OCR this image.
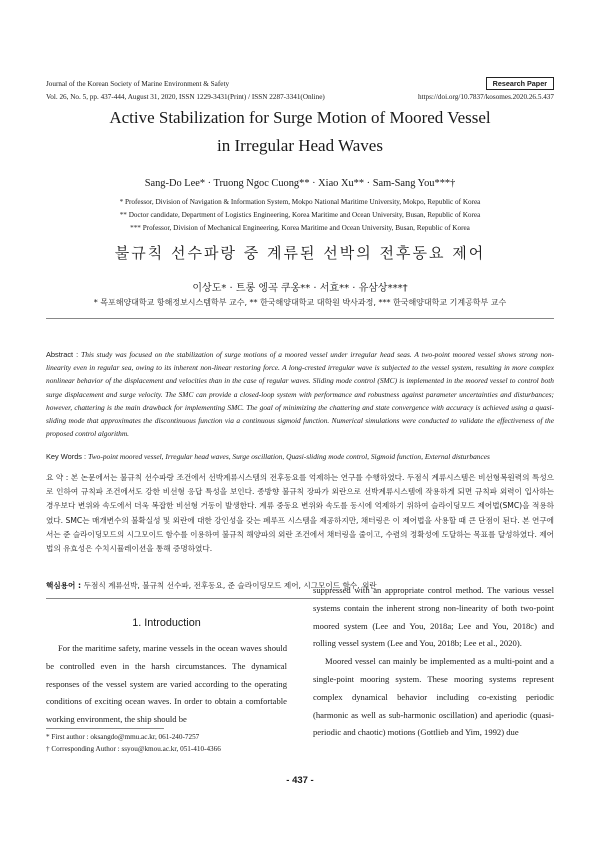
Journal of the Korean Society of Marine Environment & Safety	Research Paper
Vol. 26, No. 5, pp. 437-444, August 31, 2020, ISSN 1229-3431(Print) / ISSN 2287-3341(Online)	https://doi.org/10.7837/kosomes.2020.26.5.437
Active Stabilization for Surge Motion of Moored Vessel
in Irregular Head Waves
Sang-Do Lee* · Truong Ngoc Cuong** · Xiao Xu** · Sam-Sang You***†
* Professor, Division of Navigation & Information System, Mokpo National Maritime University, Mokpo, Republic of Korea
** Doctor candidate, Department of Logistics Engineering, Korea Maritime and Ocean University, Busan, Republic of Korea
*** Professor, Division of Mechanical Engineering, Korea Maritime and Ocean University, Busan, Republic of Korea
불규칙 선수파랑 중 계류된 선박의 전후동요 제어
이상도* · 트롱 엥곡 쿠옹** · 서효** · 유삼상***†
* 목포해양대학교 항해정보시스템학부 교수, ** 한국해양대학교 대학원 박사과정, *** 한국해양대학교 기계공학부 교수
Abstract : This study was focused on the stabilization of surge motions of a moored vessel under irregular head seas. A two-point moored vessel shows strong non-linearity even in regular sea, owing to its inherent non-linear restoring force. A long-crested irregular wave is subjected to the vessel system, resulting in more complex nonlinear behavior of the displacement and velocities than in the case of regular waves. Sliding mode control (SMC) is implemented in the moored vessel to control both surge displacement and surge velocity. The SMC can provide a closed-loop system with performance and robustness against parameter uncertainties and disturbances; however, chattering is the main drawback for implementing SMC. The goal of minimizing the chattering and state convergence with accuracy is achieved using a quasi-sliding mode that approximates the discontinuous function via a continuous sigmoid function. Numerical simulations were conducted to validate the effectiveness of the proposed control algorithm.
Key Words : Two-point moored vessel, Irregular head waves, Surge oscillation, Quasi-sliding mode control, Sigmoid function, External disturbances
요 약 : 본 논문에서는 불규칙 선수파랑 조건에서 선박계류시스템의 전후동요를 억제하는 연구를 수행하였다. 두점식 계류시스템은 비선형복원력의 특성으로 인하여 규칙파 조건에서도 강한 비선형 응답 특성을 보인다. 종방향 불규칙 장파가 외란으로 선박계류시스템에 작용하게 되면 규칙파 외력이 입사하는 경우보다 변위와 속도에서 더욱 복잡한 비선형 거동이 발생한다. 계류 중동요 변위와 속도를 동시에 억제하기 위하여 슬라이딩모드 제어법(SMC)을 적용하였다. SMC는 매개변수의 불확실성 및 외란에 대한 강인성을 갖는 폐루프 시스템을 제공하지만, 채터링은 이 제어법을 사용할 때 큰 단점이 된다. 본 연구에서는 준 슬라이딩모드의 시그모이드 함수를 이용하여 불규칙 해양파의 외란 조건에서 채터링을 줄이고, 수렴의 정확성에 도달하는 목표를 달성하였다. 제어법의 유효성은 수치시뮬레이션을 통해 증명하였다.
핵심용어 : 두점식 계류선박, 불규칙 선수파, 전후동요, 준 슬라이딩모드 제어, 시그모이드 함수, 외란
1. Introduction
For the maritime safety, marine vessels in the ocean waves should be controlled even in the harsh circumstances. The dynamical responses of the vessel system are varied according to the operating conditions of exciting ocean waves. In order to obtain a comfortable working environment, the ship should be
suppressed with an appropriate control method. The various vessel systems contain the inherent strong non-linearity of both two-point moored system (Lee and You, 2018a; Lee and You, 2018c) and rolling vessel system (Lee and You, 2018b; Lee et al., 2020).
Moored vessel can mainly be implemented as a multi-point and a single-point mooring system. These mooring systems represent complex dynamical behavior including co-existing periodic (harmonic as well as sub-harmonic oscillation) and aperiodic (quasi-periodic and chaotic) motions (Gottlieb and Yim, 1992) due
* First author : oksangdo@mmu.ac.kr, 061-240-7257
† Corresponding Author : ssyou@kmou.ac.kr, 051-410-4366
- 437 -
